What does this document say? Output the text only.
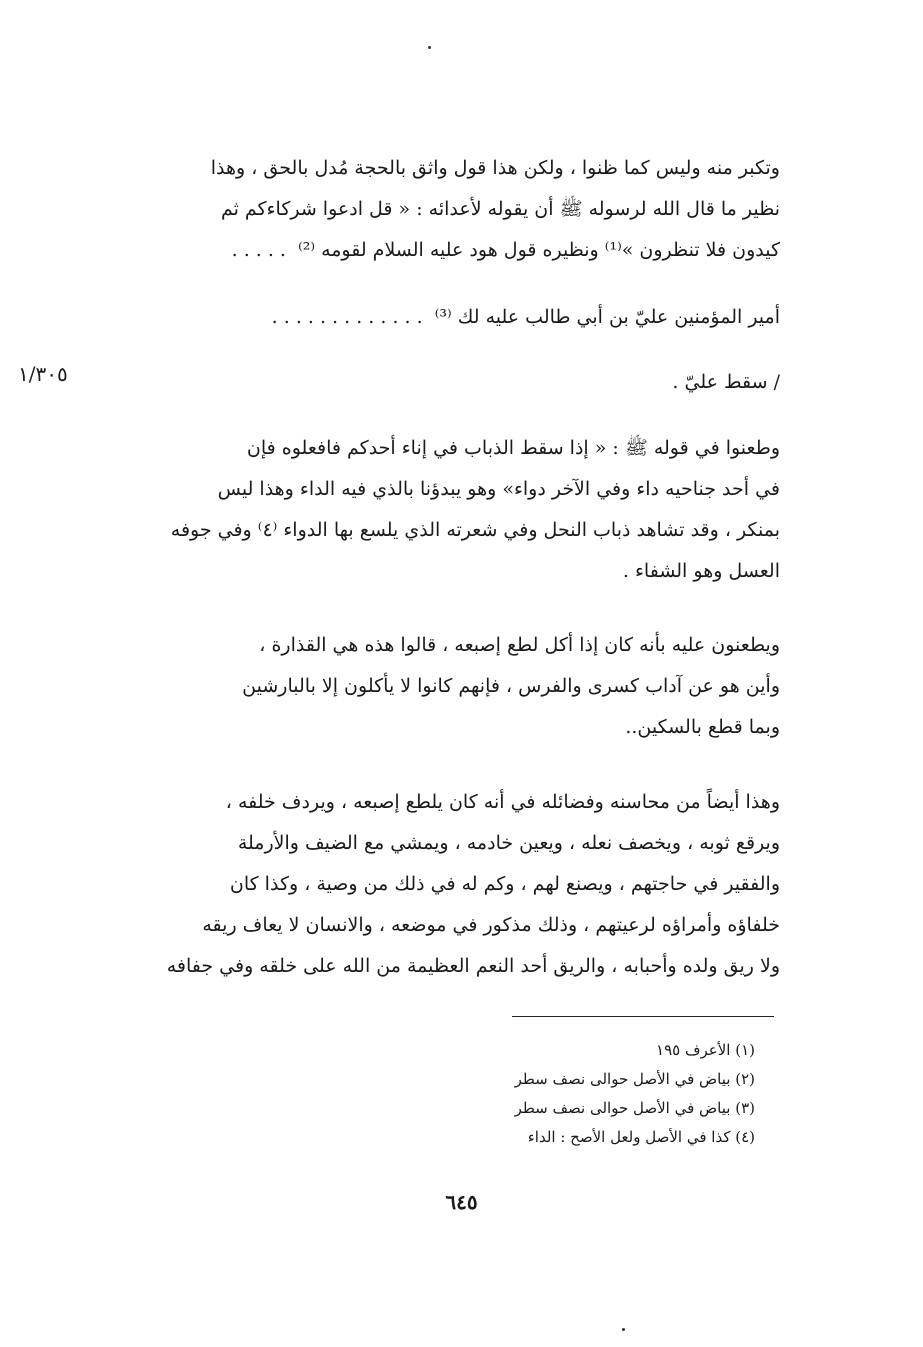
وتكبر منه وليس كما ظنوا ، ولكن هذا قول واثق بالحجة مُدل بالحق ، وهذا
نظير ما قال الله لرسوله ﷺ أن يقوله لأعدائه : « قل ادعوا شركاءكم ثم
كيدون فلا تنظرون »⁽¹⁾ ونظيره قول هود عليه السلام لقومه ⁽²⁾  . . . . .
أمير المؤمنين عليّ بن أبي طالب عليه لك ⁽³⁾  . . . . . . . . . . . . .
١/٣٠٥	/ سقط عليّ .
وطعنوا في قوله ﷺ : « إذا سقط الذباب في إناء أحدكم فافعلوه فإن
في أحد جناحيه داء وفي الآخر دواء» وهو يبدؤنا بالذي فيه الداء وهذا ليس
بمنكر ، وقد تشاهد ذباب النحل وفي شعرته الذي يلسع بها الدواء ⁽٤⁾ وفي جوفه
العسل وهو الشفاء .
ويطعنون عليه بأنه كان إذا أكل لطع إصبعه ، قالوا هذه هي القذارة ،
وأين هو عن آداب كسرى والفرس ، فإنهم كانوا لا يأكلون إلا بالبارشين
وبما قطع بالسكين..
وهذا أيضاً من محاسنه وفضائله في أنه كان يلطع إصبعه ، ويردف خلفه ،
ويرقع ثوبه ، ويخصف نعله ، ويعين خادمه ، ويمشي مع الضيف والأرملة
والفقير في حاجتهم ، ويصنع لهم ، وكم له في ذلك من وصية ، وكذا كان
خلفاؤه وأمراؤه لرعيتهم ، وذلك مذكور في موضعه ، والانسان لا يعاف ريقه
ولا ريق ولده وأحبابه ، والريق أحد النعم العظيمة من الله على خلقه وفي جفافه
(١) الأعرف ١٩٥
(٢) بياض في الأصل حوالى نصف سطر
(٣) بياض في الأصل حوالى نصف سطر
(٤) كذا في الأصل ولعل الأصح : الداء
٦٤٥
